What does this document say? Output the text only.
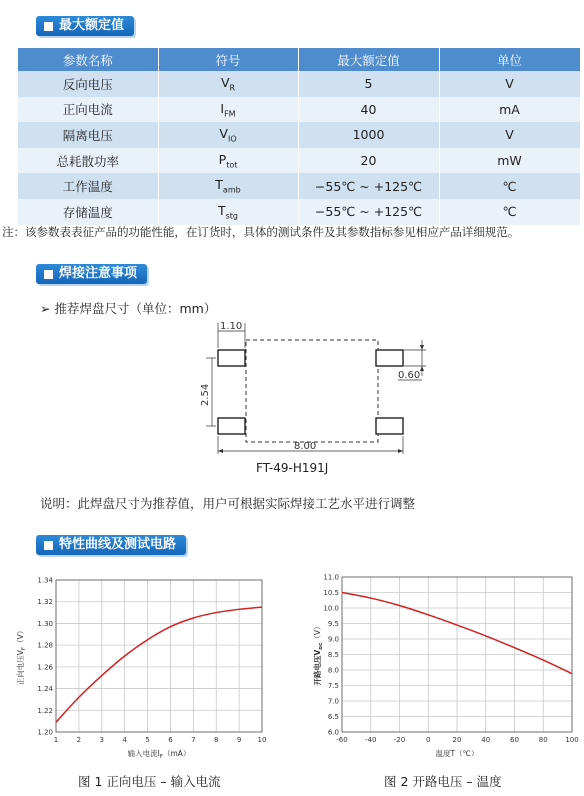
最大额定值
参数名称	符号	最大额定值	单位
反向电压	$V_R$	5	V
正向电流	$I_{FM}$	40	mA
隔离电压	$V_{IO}$	1000	V
总耗散功率	$P_{tot}$	20	mW
工作温度	$T_{amb}$	−55℃ ~ +125℃	℃
存储温度	$T_{stg}$	−55℃ ~ +125℃	℃
注：该参数表表征产品的功能性能，在订货时，具体的测试条件及其参数指标参见相应产品详细规范。
焊接注意事项
➢ 推荐焊盘尺寸（单位：mm）
1.10
2.54
0.60
8.00
FT-49-H191J
说明：此焊盘尺寸为推荐值，用户可根据实际焊接工艺水平进行调整
特性曲线及测试电路
1	2	3	4	5	6	7	8	9 10
1.20
1.22
1.24
1.26
1.28
1.30
1.32
1.34
输入电流$I_F(mA)$
正向电压$V_F(V)$
-60 -40 -20	0	20	40	60	80	100
6.0
6.5
7.0
7.5
8.0
8.5
9.0
9.5
10.0
10.5
11.0
温度T（℃）
开路电压$V_{oc}(V)$
图 1 正向电压 – 输入电流	图 2 开路电压 – 温度
